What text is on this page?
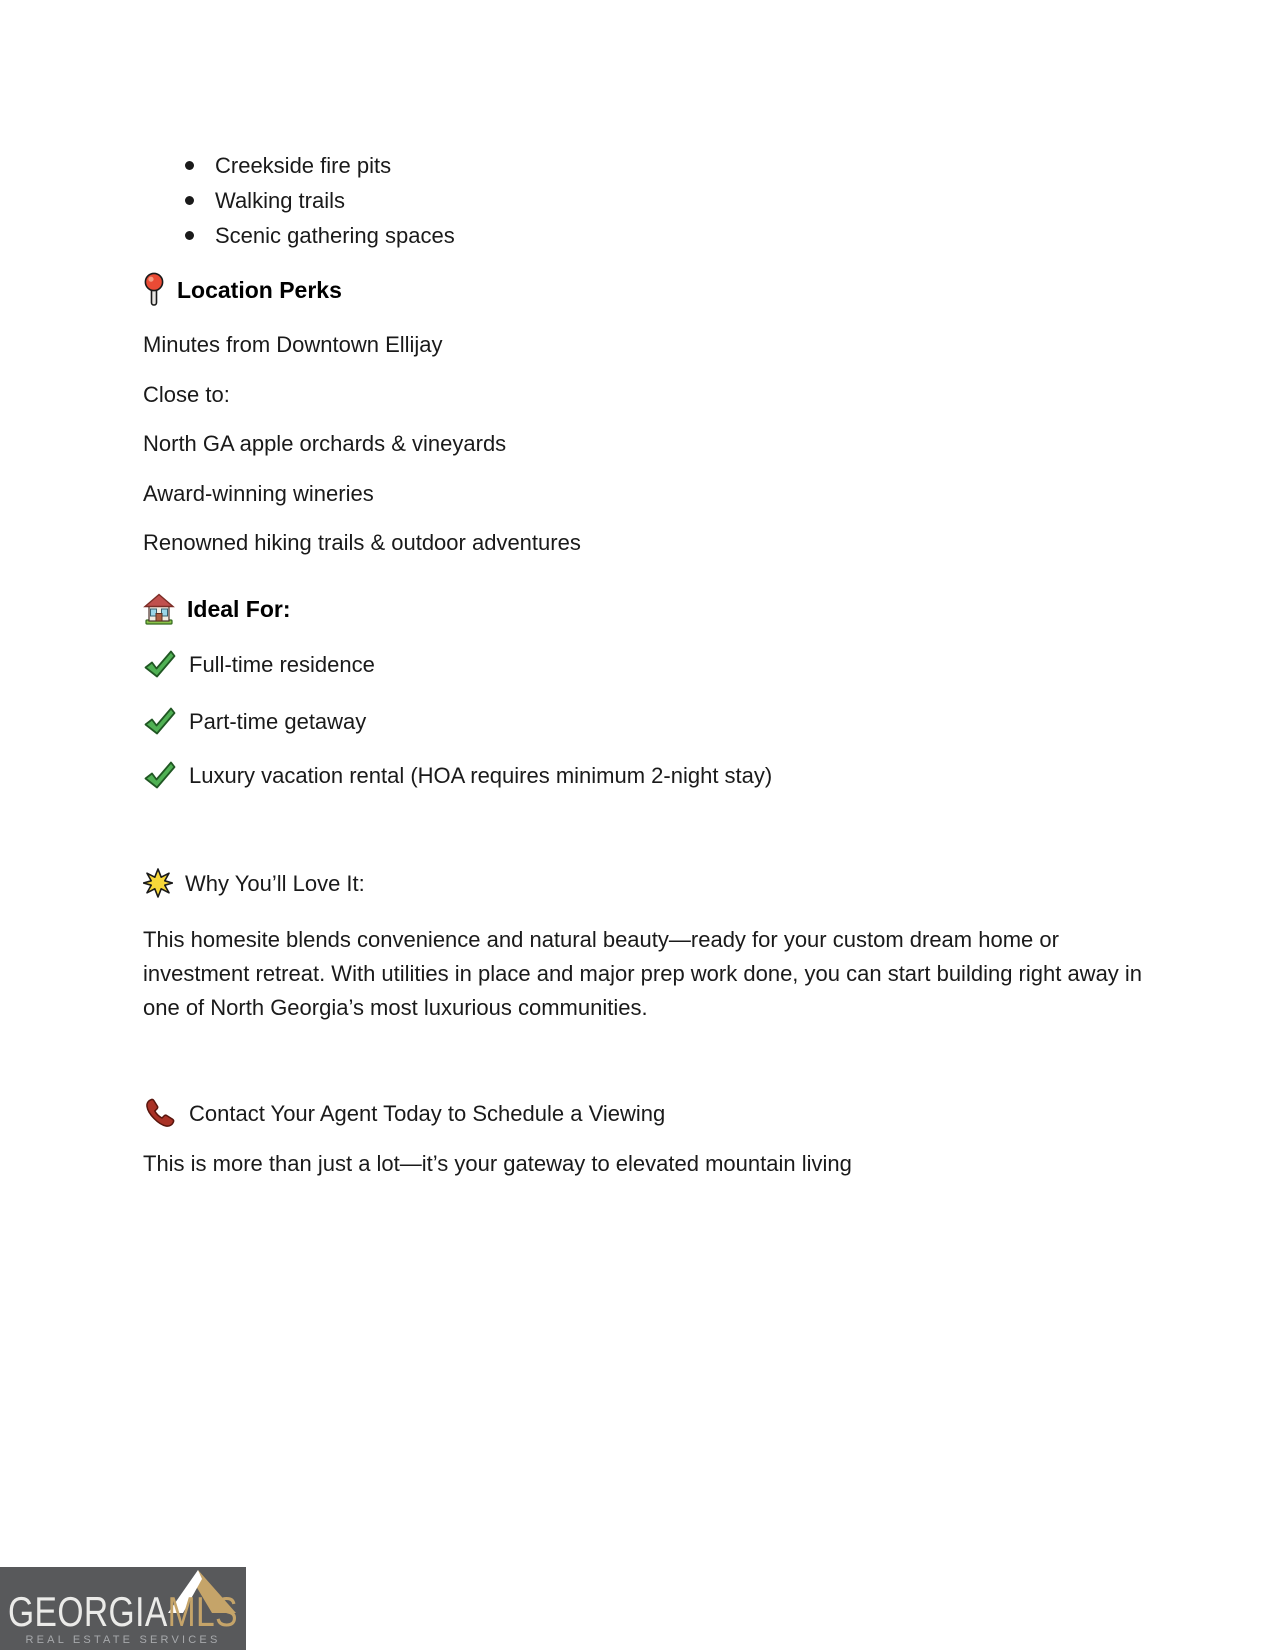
Creekside fire pits
Walking trails
Scenic gathering spaces
Location Perks
Minutes from Downtown Ellijay
Close to:
North GA apple orchards & vineyards
Award-winning wineries
Renowned hiking trails & outdoor adventures
Ideal For:
Full-time residence
Part-time getaway
Luxury vacation rental (HOA requires minimum 2-night stay)
Why You’ll Love It:
This homesite blends convenience and natural beauty—ready for your custom dream home or investment retreat. With utilities in place and major prep work done, you can start building right away in one of North Georgia’s most luxurious communities.
Contact Your Agent Today to Schedule a Viewing
This is more than just a lot—it’s your gateway to elevated mountain living
GEORGIAMLS
REAL ESTATE SERVICES
